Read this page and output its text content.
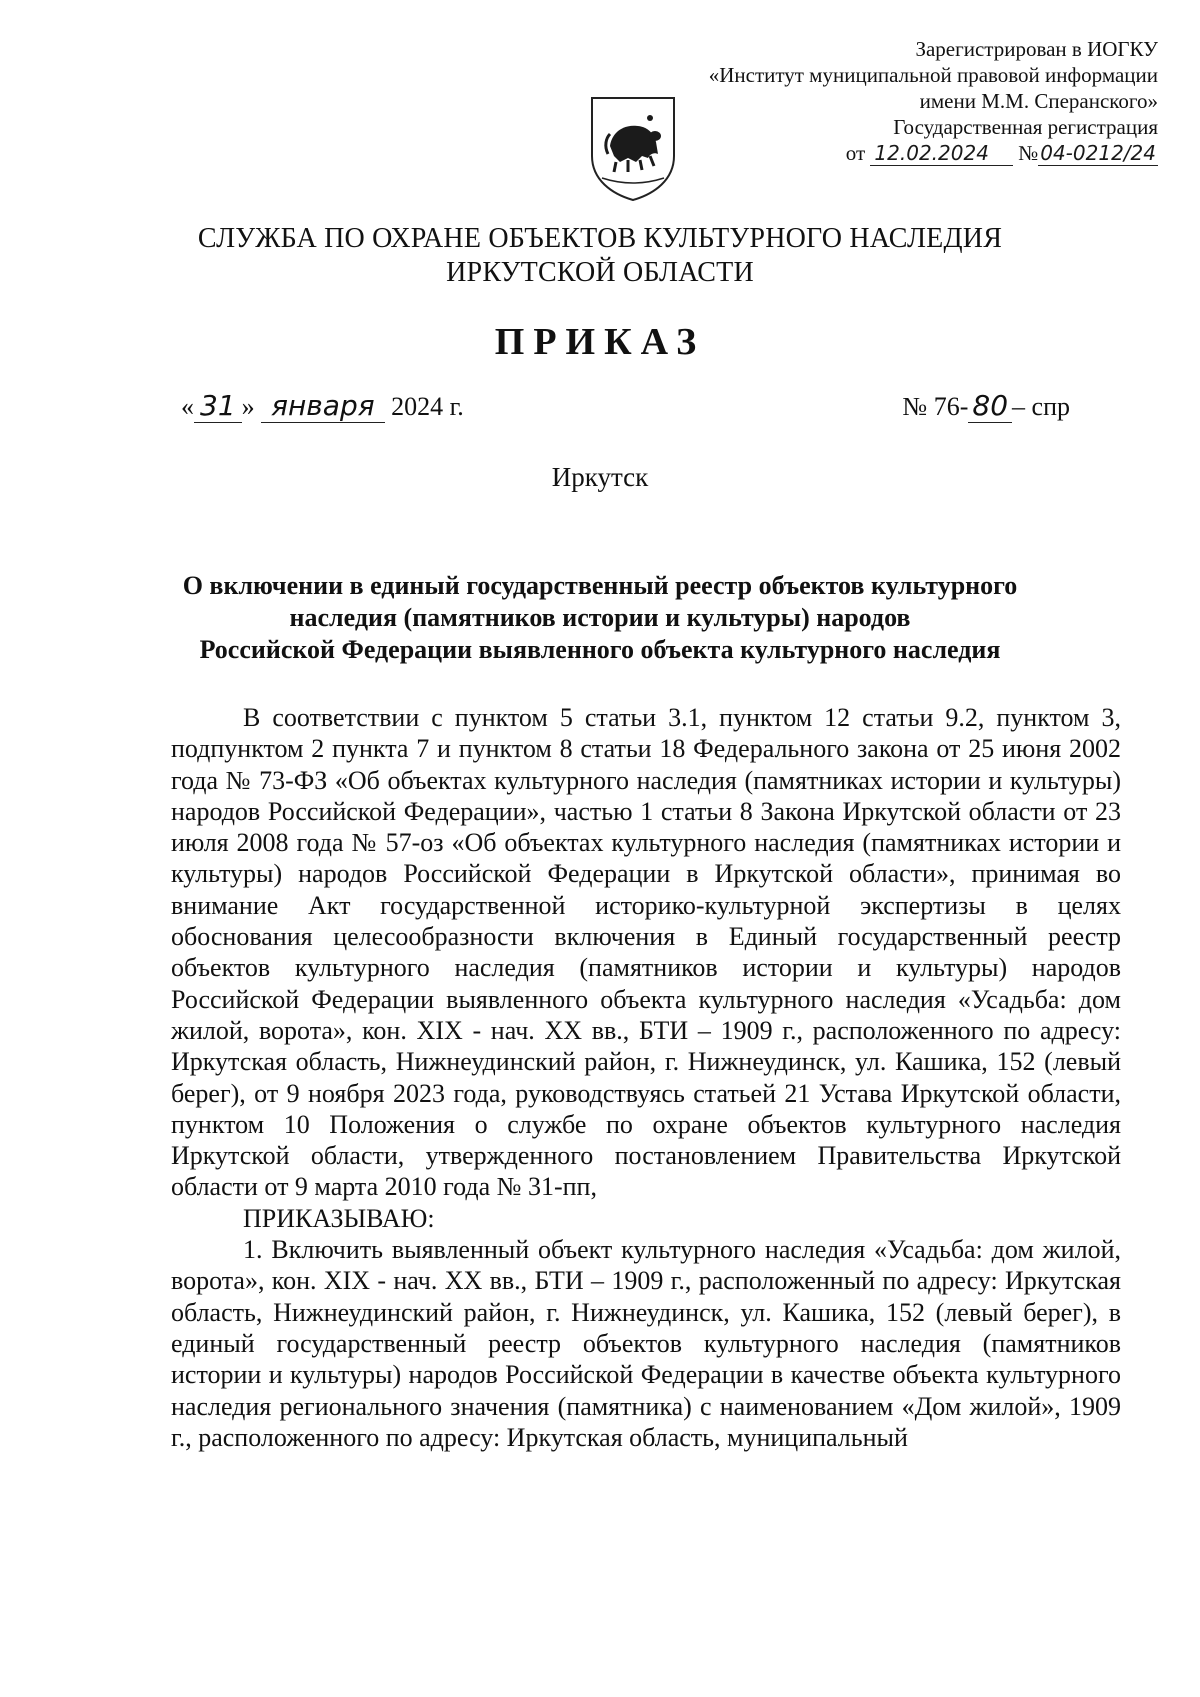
Зарегистрирован в ИОГКУ
«Институт муниципальной правовой информации
имени М.М. Сперанского»
Государственная регистрация
от 12.02.2024 № 04-0212/24
СЛУЖБА ПО ОХРАНЕ ОБЪЕКТОВ КУЛЬТУРНОГО НАСЛЕДИЯ
ИРКУТСКОЙ ОБЛАСТИ
ПРИКАЗ
« 31 » января 2024 г.	№ 76- 80 – спр
Иркутск
О включении в единый государственный реестр объектов культурного
наследия (памятников истории и культуры) народов
Российской Федерации выявленного объекта культурного наследия

В соответствии с пунктом 5 статьи 3.1, пунктом 12 статьи 9.2, пунктом 3, подпунктом 2 пункта 7 и пунктом 8 статьи 18 Федерального закона от 25 июня 2002 года № 73-ФЗ «Об объектах культурного наследия (памятниках истории и культуры) народов Российской Федерации», частью 1 статьи 8 Закона Иркутской области от 23 июля 2008 года № 57-оз «Об объектах культурного наследия (памятниках истории и культуры) народов Российской Федерации в Иркутской области», принимая во внимание Акт государственной историко-культурной экспертизы в целях обоснования целесообразности включения в Единый государственный реестр объектов культурного наследия (памятников истории и культуры) народов Российской Федерации выявленного объекта культурного наследия «Усадьба: дом жилой, ворота», кон. XIX - нач. XX вв., БТИ – 1909 г., расположенного по адресу: Иркутская область, Нижнеудинский район, г. Нижнеудинск, ул. Кашика, 152 (левый берег), от 9 ноября 2023 года, руководствуясь статьей 21 Устава Иркутской области, пунктом 10 Положения о службе по охране объектов культурного наследия Иркутской области, утвержденного постановлением Правительства Иркутской области от 9 марта 2010 года № 31-пп,

ПРИКАЗЫВАЮ:

1. Включить выявленный объект культурного наследия «Усадьба: дом жилой, ворота», кон. XIX - нач. XX вв., БТИ – 1909 г., расположенный по адресу: Иркутская область, Нижнеудинский район, г. Нижнеудинск, ул. Кашика, 152 (левый берег), в единый государственный реестр объектов культурного наследия (памятников истории и культуры) народов Российской Федерации в качестве объекта культурного наследия регионального значения (памятника) с наименованием «Дом жилой», 1909 г., расположенного по адресу: Иркутская область, муниципальный
